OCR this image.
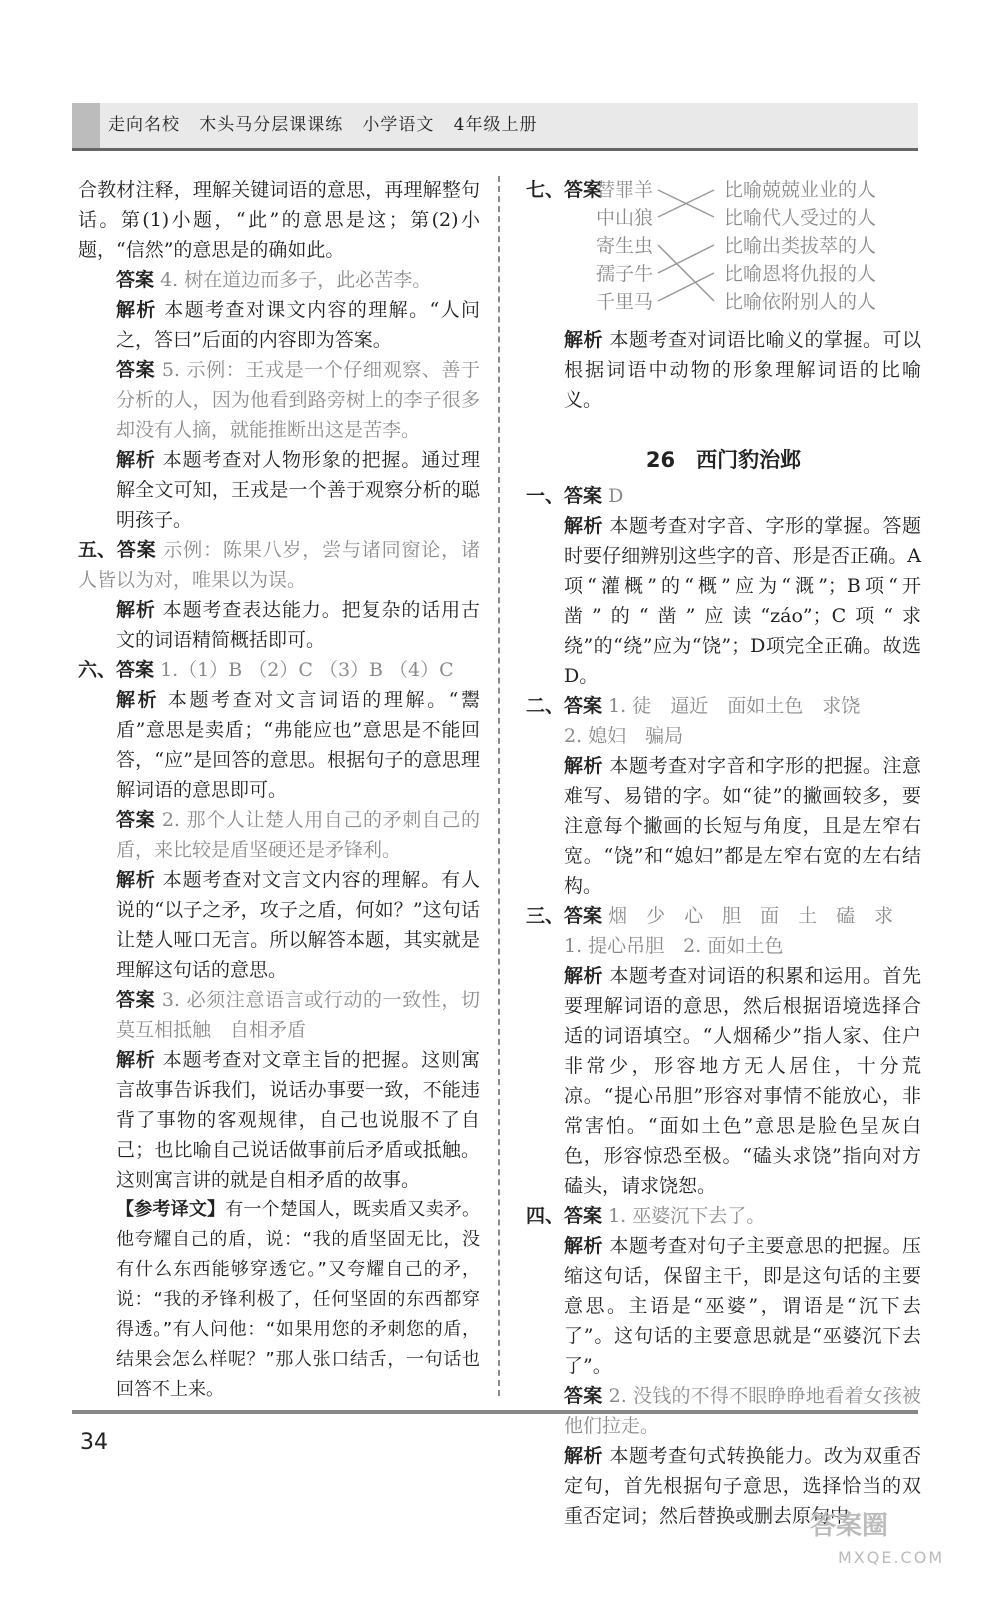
走向名校   木头马分层课课练   小学语文   4年级上册

合教材注释，理解关键词语的意思，再理解整句话。第(1)小题，“此”的意思是这；第(2)小题，“信然”的意思是的确如此。

答案 4. 树在道边而多子，此必苦李。

解析 本题考查对课文内容的理解。“人问之，答曰”后面的内容即为答案。

答案 5. 示例：王戎是一个仔细观察、善于分析的人，因为他看到路旁树上的李子很多却没有人摘，就能推断出这是苦李。

解析 本题考查对人物形象的把握。通过理解全文可知，王戎是一个善于观察分析的聪明孩子。

五、答案 示例：陈果八岁，尝与诸同窗论，诸人皆以为对，唯果以为误。

解析 本题考查表达能力。把复杂的话用古文的词语精简概括即可。

六、答案 1.（1）B （2）C （3）B （4）C

解析 本题考查对文言词语的理解。“鬻盾”意思是卖盾；“弗能应也”意思是不能回答，“应”是回答的意思。根据句子的意思理解词语的意思即可。

答案 2. 那个人让楚人用自己的矛刺自己的盾，来比较是盾坚硬还是矛锋利。

解析 本题考查对文言文内容的理解。有人说的“以子之矛，攻子之盾，何如？”这句话让楚人哑口无言。所以解答本题，其实就是理解这句话的意思。

答案 3. 必须注意语言或行动的一致性，切莫互相抵触　自相矛盾

解析 本题考查对文章主旨的把握。这则寓言故事告诉我们，说话办事要一致，不能违背了事物的客观规律，自己也说服不了自己；也比喻自己说话做事前后矛盾或抵触。这则寓言讲的就是自相矛盾的故事。

【参考译文】有一个楚国人，既卖盾又卖矛。他夸耀自己的盾，说：“我的盾坚固无比，没有什么东西能够穿透它。”又夸耀自己的矛，说：“我的矛锋利极了，任何坚固的东西都穿得透。”有人问他：“如果用您的矛刺您的盾，结果会怎么样呢？”那人张口结舌，一句话也回答不上来。

七、答案

替罪羊
中山狼
寄生虫
孺子牛
千里马
比喻兢兢业业的人
比喻代人受过的人
比喻出类拔萃的人
比喻恩将仇报的人
比喻依附别人的人

解析 本题考查对词语比喻义的掌握。可以根据词语中动物的形象理解词语的比喻义。

26　西门豹治邺

一、答案 D

解析 本题考查对字音、字形的掌握。答题时要仔细辨别这些字的音、形是否正确。A项“灌概”的“概”应为“溉”；B项“开凿”的“凿”应读“záo”；C项“求绕”的“绕”应为“饶”；D项完全正确。故选D。

二、答案 1. 徒　逼近　面如土色　求饶

2. 媳妇　骗局

解析 本题考查对字音和字形的把握。注意难写、易错的字。如“徒”的撇画较多，要注意每个撇画的长短与角度，且是左窄右宽。“饶”和“媳妇”都是左窄右宽的左右结构。

三、答案 烟　少　心　胆　面　土　磕　求

1. 提心吊胆　2. 面如土色

解析 本题考查对词语的积累和运用。首先要理解词语的意思，然后根据语境选择合适的词语填空。“人烟稀少”指人家、住户非常少，形容地方无人居住，十分荒凉。“提心吊胆”形容对事情不能放心，非常害怕。“面如土色”意思是脸色呈灰白色，形容惊恐至极。“磕头求饶”指向对方磕头，请求饶恕。

四、答案 1. 巫婆沉下去了。

解析 本题考查对句子主要意思的把握。压缩这句话，保留主干，即是这句话的主要意思。主语是“巫婆”，谓语是“沉下去了”。这句话的主要意思就是“巫婆沉下去了”。

答案 2. 没钱的不得不眼睁睁地看着女孩被他们拉走。

解析 本题考查句式转换能力。改为双重否定句，首先根据句子意思，选择恰当的双重否定词；然后替换或删去原句中

34
答案圈
MXQE.COM
